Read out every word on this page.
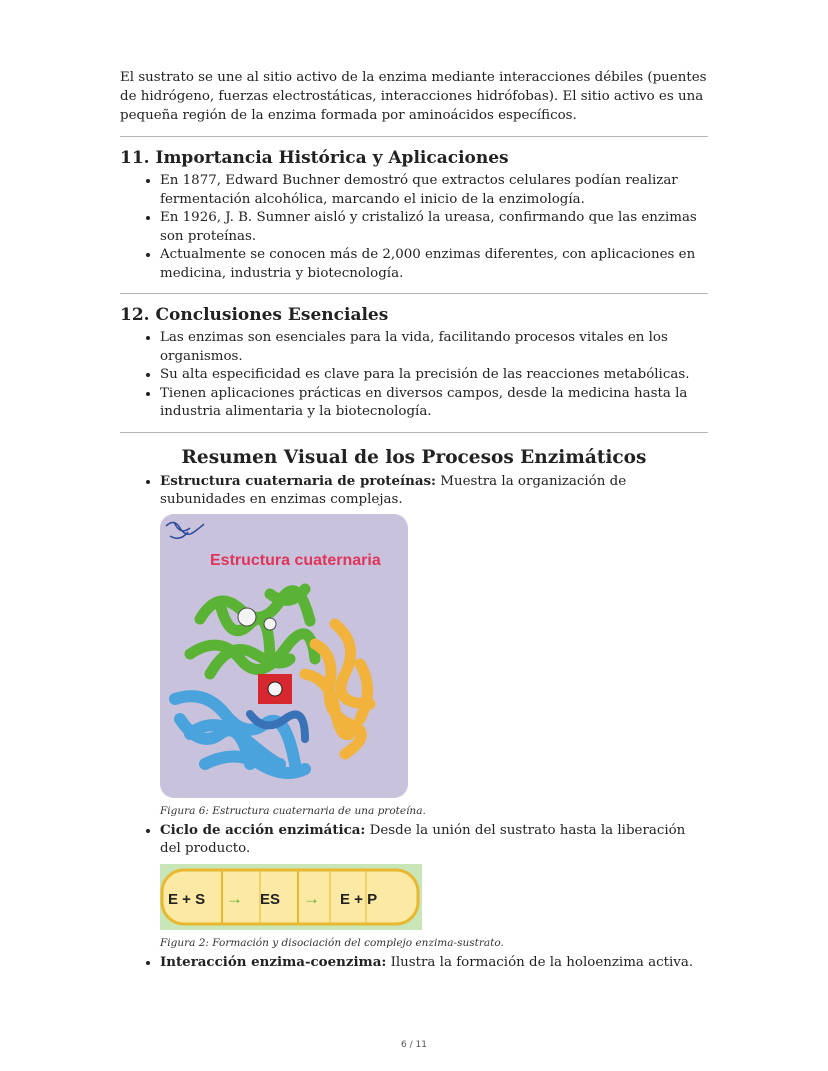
El sustrato se une al sitio activo de la enzima mediante interacciones débiles (puentes de hidrógeno, fuerzas electrostáticas, interacciones hidrófobas). El sitio activo es una pequeña región de la enzima formada por aminoácidos específicos.

11. Importancia Histórica y Aplicaciones
• En 1877, Edward Buchner demostró que extractos celulares podían realizar fermentación alcohólica, marcando el inicio de la enzimología.
• En 1926, J. B. Sumner aisló y cristalizó la ureasa, confirmando que las enzimas son proteínas.
• Actualmente se conocen más de 2,000 enzimas diferentes, con aplicaciones en medicina, industria y biotecnología.
12. Conclusiones Esenciales
• Las enzimas son esenciales para la vida, facilitando procesos vitales en los organismos.
• Su alta especificidad es clave para la precisión de las reacciones metabólicas.
• Tienen aplicaciones prácticas en diversos campos, desde la medicina hasta la industria alimentaria y la biotecnología.
Resumen Visual de los Procesos Enzimáticos
• Estructura cuaternaria de proteínas: Muestra la organización de subunidades en enzimas complejas.
Estructura cuaternaria
Figura 6: Estructura cuaternaria de una proteína.
• Ciclo de acción enzimática: Desde la unión del sustrato hasta la liberación del producto.
E + S → ES → E + P
Figura 2: Formación y disociación del complejo enzima-sustrato.
• Interacción enzima-coenzima: Ilustra la formación de la holoenzima activa.
6 / 11
